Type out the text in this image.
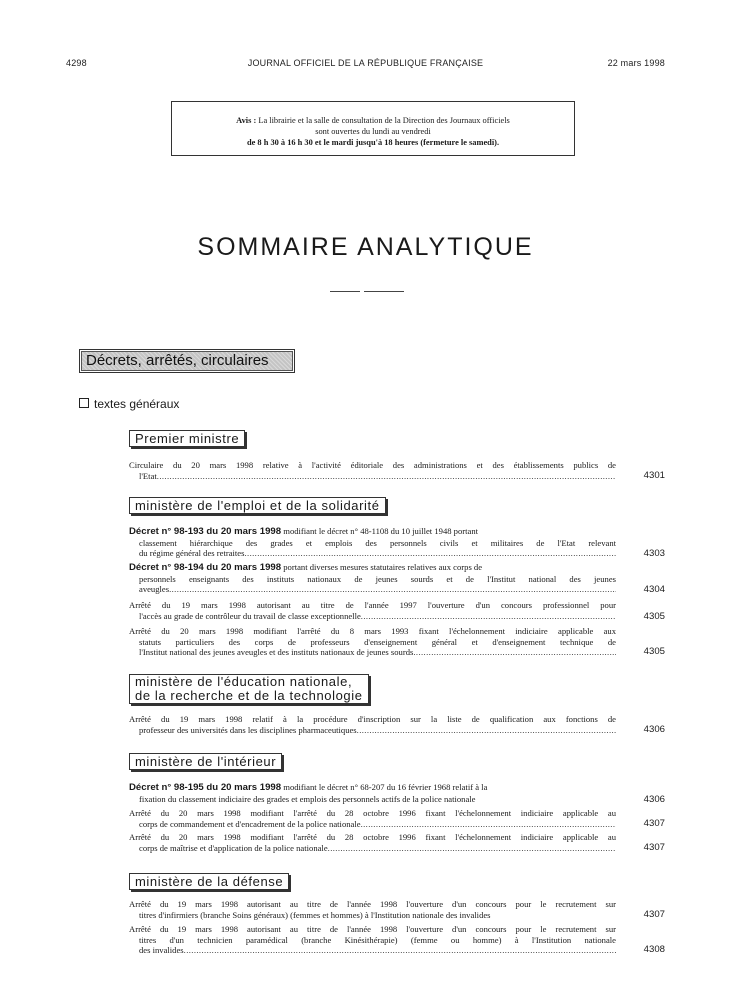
4298	JOURNAL OFFICIEL DE LA RÉPUBLIQUE FRANÇAISE	22 mars 1998
Avis : La librairie et la salle de consultation de la Direction des Journaux officiels
sont ouvertes du lundi au vendredi
de 8 h 30 à 16 h 30 et le mardi jusqu'à 18 heures (fermeture le samedi).
SOMMAIRE ANALYTIQUE
Décrets, arrêtés, circulaires
textes généraux
Premier ministre
Circulaire du 20 mars 1998 relative à l'activité éditoriale des administrations et des établissements publics de
l'Etat .....	4301
ministère de l'emploi et de la solidarité
Décret n° 98-193 du 20 mars 1998 modifiant le décret n° 48-1108 du 10 juillet 1948 portant
classement hiérarchique des grades et emplois des personnels civils et militaires de l'Etat relevant
du régime général des retraites .....	4303
Décret n° 98-194 du 20 mars 1998 portant diverses mesures statutaires relatives aux corps de
personnels enseignants des instituts nationaux de jeunes sourds et de l'Institut national des jeunes
aveugles .....	4304
Arrêté du 19 mars 1998 autorisant au titre de l'année 1997 l'ouverture d'un concours professionnel pour
l'accès au grade de contrôleur du travail de classe exceptionnelle .....	4305
Arrêté du 20 mars 1998 modifiant l'arrêté du 8 mars 1993 fixant l'échelonnement indiciaire applicable aux
statuts particuliers des corps de professeurs d'enseignement général et d'enseignement technique de
l'Institut national des jeunes aveugles et des instituts nationaux de jeunes sourds .....	4305
ministère de l'éducation nationale,
de la recherche et de la technologie
Arrêté du 19 mars 1998 relatif à la procédure d'inscription sur la liste de qualification aux fonctions de
professeur des universités dans les disciplines pharmaceutiques .....	4306
ministère de l'intérieur
Décret n° 98-195 du 20 mars 1998 modifiant le décret n° 68-207 du 16 février 1968 relatif à la
fixation du classement indiciaire des grades et emplois des personnels actifs de la police nationale	4306
Arrêté du 20 mars 1998 modifiant l'arrêté du 28 octobre 1996 fixant l'échelonnement indiciaire applicable au
corps de commandement et d'encadrement de la police nationale .....	4307
Arrêté du 20 mars 1998 modifiant l'arrêté du 28 octobre 1996 fixant l'échelonnement indiciaire applicable au
corps de maîtrise et d'application de la police nationale .....	4307
ministère de la défense
Arrêté du 19 mars 1998 autorisant au titre de l'année 1998 l'ouverture d'un concours pour le recrutement sur
titres d'infirmiers (branche Soins généraux) (femmes et hommes) à l'Institution nationale des invalides	4307
Arrêté du 19 mars 1998 autorisant au titre de l'année 1998 l'ouverture d'un concours pour le recrutement sur
titres d'un technicien paramédical (branche Kinésithérapie) (femme ou homme) à l'Institution nationale
des invalides .....	4308
